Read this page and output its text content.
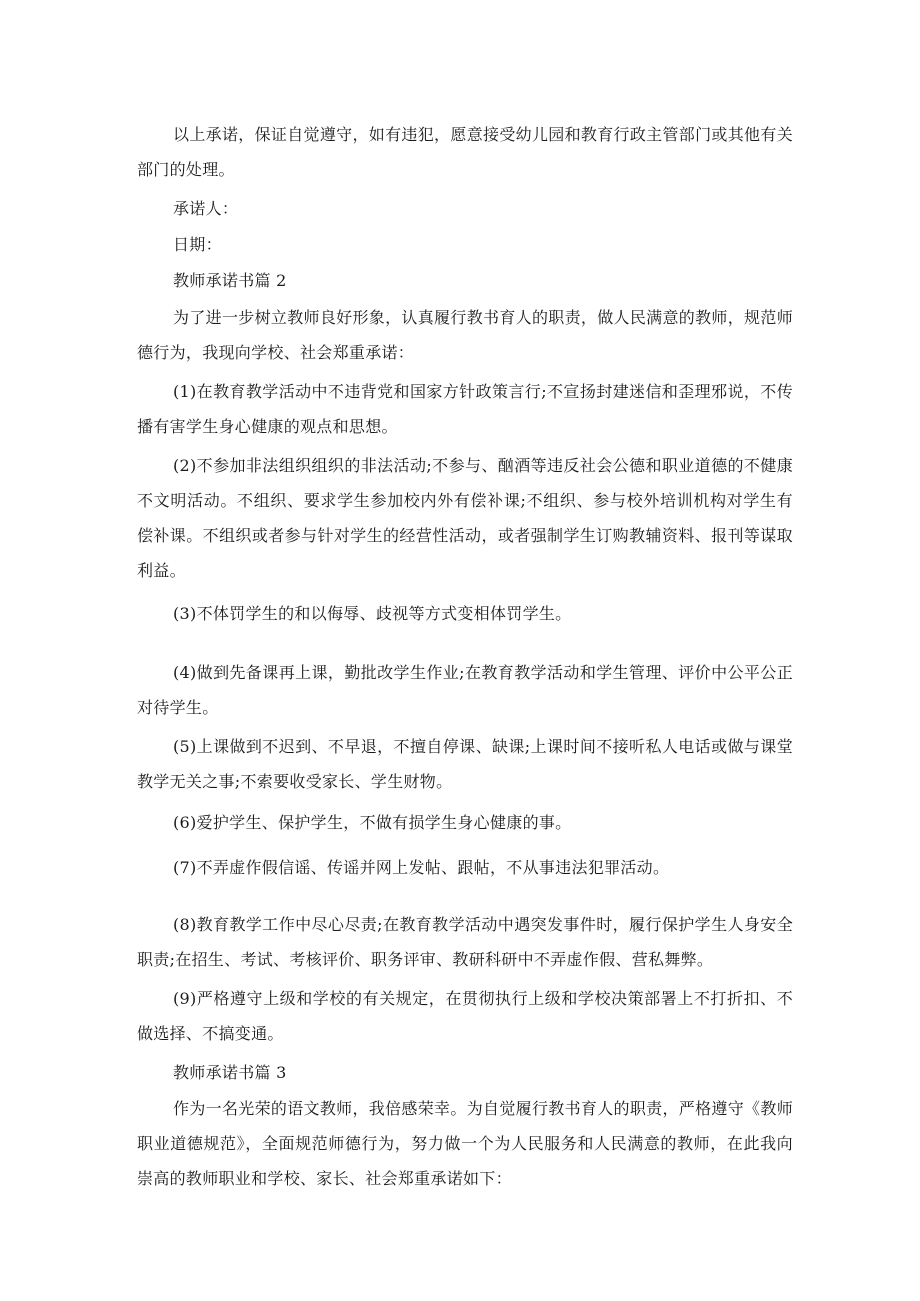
以上承诺，保证自觉遵守，如有违犯，愿意接受幼儿园和教育行政主管部门或其他有关部门的处理。

承诺人：

日期：

教师承诺书篇 2

为了进一步树立教师良好形象，认真履行教书育人的职责，做人民满意的教师，规范师德行为，我现向学校、社会郑重承诺：

(1)在教育教学活动中不违背党和国家方针政策言行;不宣扬封建迷信和歪理邪说，不传播有害学生身心健康的观点和思想。

(2)不参加非法组织组织的非法活动;不参与、酗酒等违反社会公德和职业道德的不健康不文明活动。不组织、要求学生参加校内外有偿补课;不组织、参与校外培训机构对学生有偿补课。不组织或者参与针对学生的经营性活动，或者强制学生订购教辅资料、报刊等谋取利益。

(3)不体罚学生的和以侮辱、歧视等方式变相体罚学生。

(4)做到先备课再上课，勤批改学生作业;在教育教学活动和学生管理、评价中公平公正对待学生。

(5)上课做到不迟到、不早退，不擅自停课、缺课;上课时间不接听私人电话或做与课堂教学无关之事;不索要收受家长、学生财物。

(6)爱护学生、保护学生，不做有损学生身心健康的事。

(7)不弄虚作假信谣、传谣并网上发帖、跟帖，不从事违法犯罪活动。

(8)教育教学工作中尽心尽责;在教育教学活动中遇突发事件时，履行保护学生人身安全职责;在招生、考试、考核评价、职务评审、教研科研中不弄虚作假、营私舞弊。

(9)严格遵守上级和学校的有关规定，在贯彻执行上级和学校决策部署上不打折扣、不做选择、不搞变通。

教师承诺书篇 3

作为一名光荣的语文教师，我倍感荣幸。为自觉履行教书育人的职责，严格遵守《教师职业道德规范》，全面规范师德行为，努力做一个为人民服务和人民满意的教师，在此我向崇高的教师职业和学校、家长、社会郑重承诺如下：
